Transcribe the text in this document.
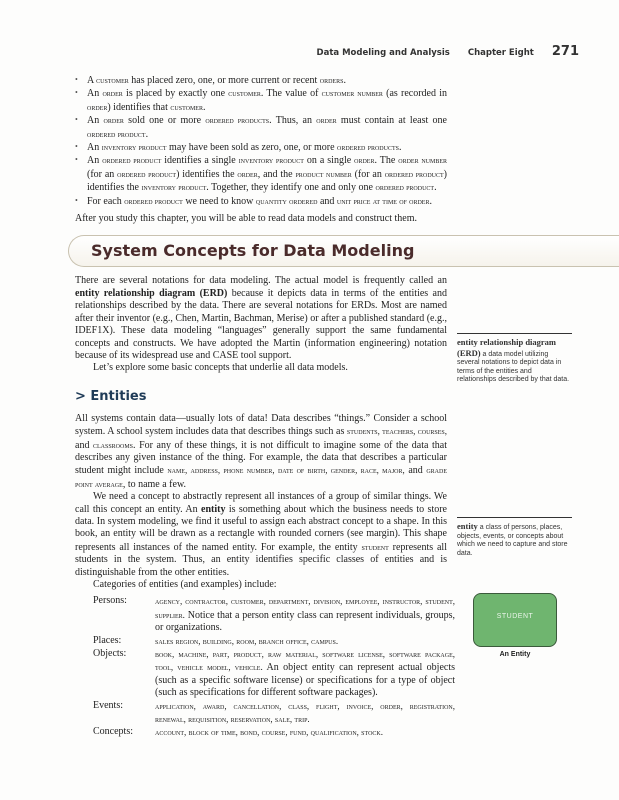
Data Modeling and Analysis Chapter Eight 271
• A customer has placed zero, one, or more current or recent orders.
• An order is placed by exactly one customer. The value of customer number (as recorded in order) identifies that customer.
• An order sold one or more ordered products. Thus, an order must contain at least one ordered product.
• An inventory product may have been sold as zero, one, or more ordered products.
• An ordered product identifies a single inventory product on a single order. The order number (for an ordered product) identifies the order, and the product number (for an ordered product) identifies the inventory product. Together, they identify one and only one ordered product.
• For each ordered product we need to know quantity ordered and unit price at time of order.
After you study this chapter, you will be able to read data models and construct them.
System Concepts for Data Modeling
There are several notations for data modeling. The actual model is frequently called an entity relationship diagram (ERD) because it depicts data in terms of the entities and relationships described by the data. There are several notations for ERDs. Most are named after their inventor (e.g., Chen, Martin, Bachman, Merise) or after a published standard (e.g., IDEF1X). These data modeling “languages” generally support the same fundamental concepts and constructs. We have adopted the Martin (information engineering) notation because of its widespread use and CASE tool support.
Let’s explore some basic concepts that underlie all data models.
> Entities
All systems contain data—usually lots of data! Data describes “things.” Consider a school system. A school system includes data that describes things such as students, teachers, courses, and classrooms. For any of these things, it is not difficult to imagine some of the data that describes any given instance of the thing. For example, the data that describes a particular student might include name, address, phone number, date of birth, gender, race, major, and grade point average, to name a few.
We need a concept to abstractly represent all instances of a group of similar things. We call this concept an entity. An entity is something about which the business needs to store data. In system modeling, we find it useful to assign each abstract concept to a shape. In this book, an entity will be drawn as a rectangle with rounded corners (see margin). This shape represents all instances of the named entity. For example, the entity student represents all students in the system. Thus, an entity identifies specific classes of entities and is distinguishable from the other entities.
Categories of entities (and examples) include:
Persons:	agency, contractor, customer, department, division, employee, instructor, student, supplier. Notice that a person entity class can represent individuals, groups, or organizations.
Places:	sales region, building, room, branch office, campus.
Objects:	book, machine, part, product, raw material, software license, software package, tool, vehicle model, vehicle. An object entity can represent actual objects (such as a specific software license) or specifications for a type of object (such as specifications for different software packages).
Events:	application, award, cancellation, class, flight, invoice, order, registration, renewal, requisition, reservation, sale, trip.
Concepts:	account, block of time, bond, course, fund, qualification, stock.
entity relationship diagram (ERD) a data model utilizing several notations to depict data in terms of the entities and relationships described by that data.
entity a class of persons, places, objects, events, or concepts about which we need to capture and store data.
STUDENT
An Entity
